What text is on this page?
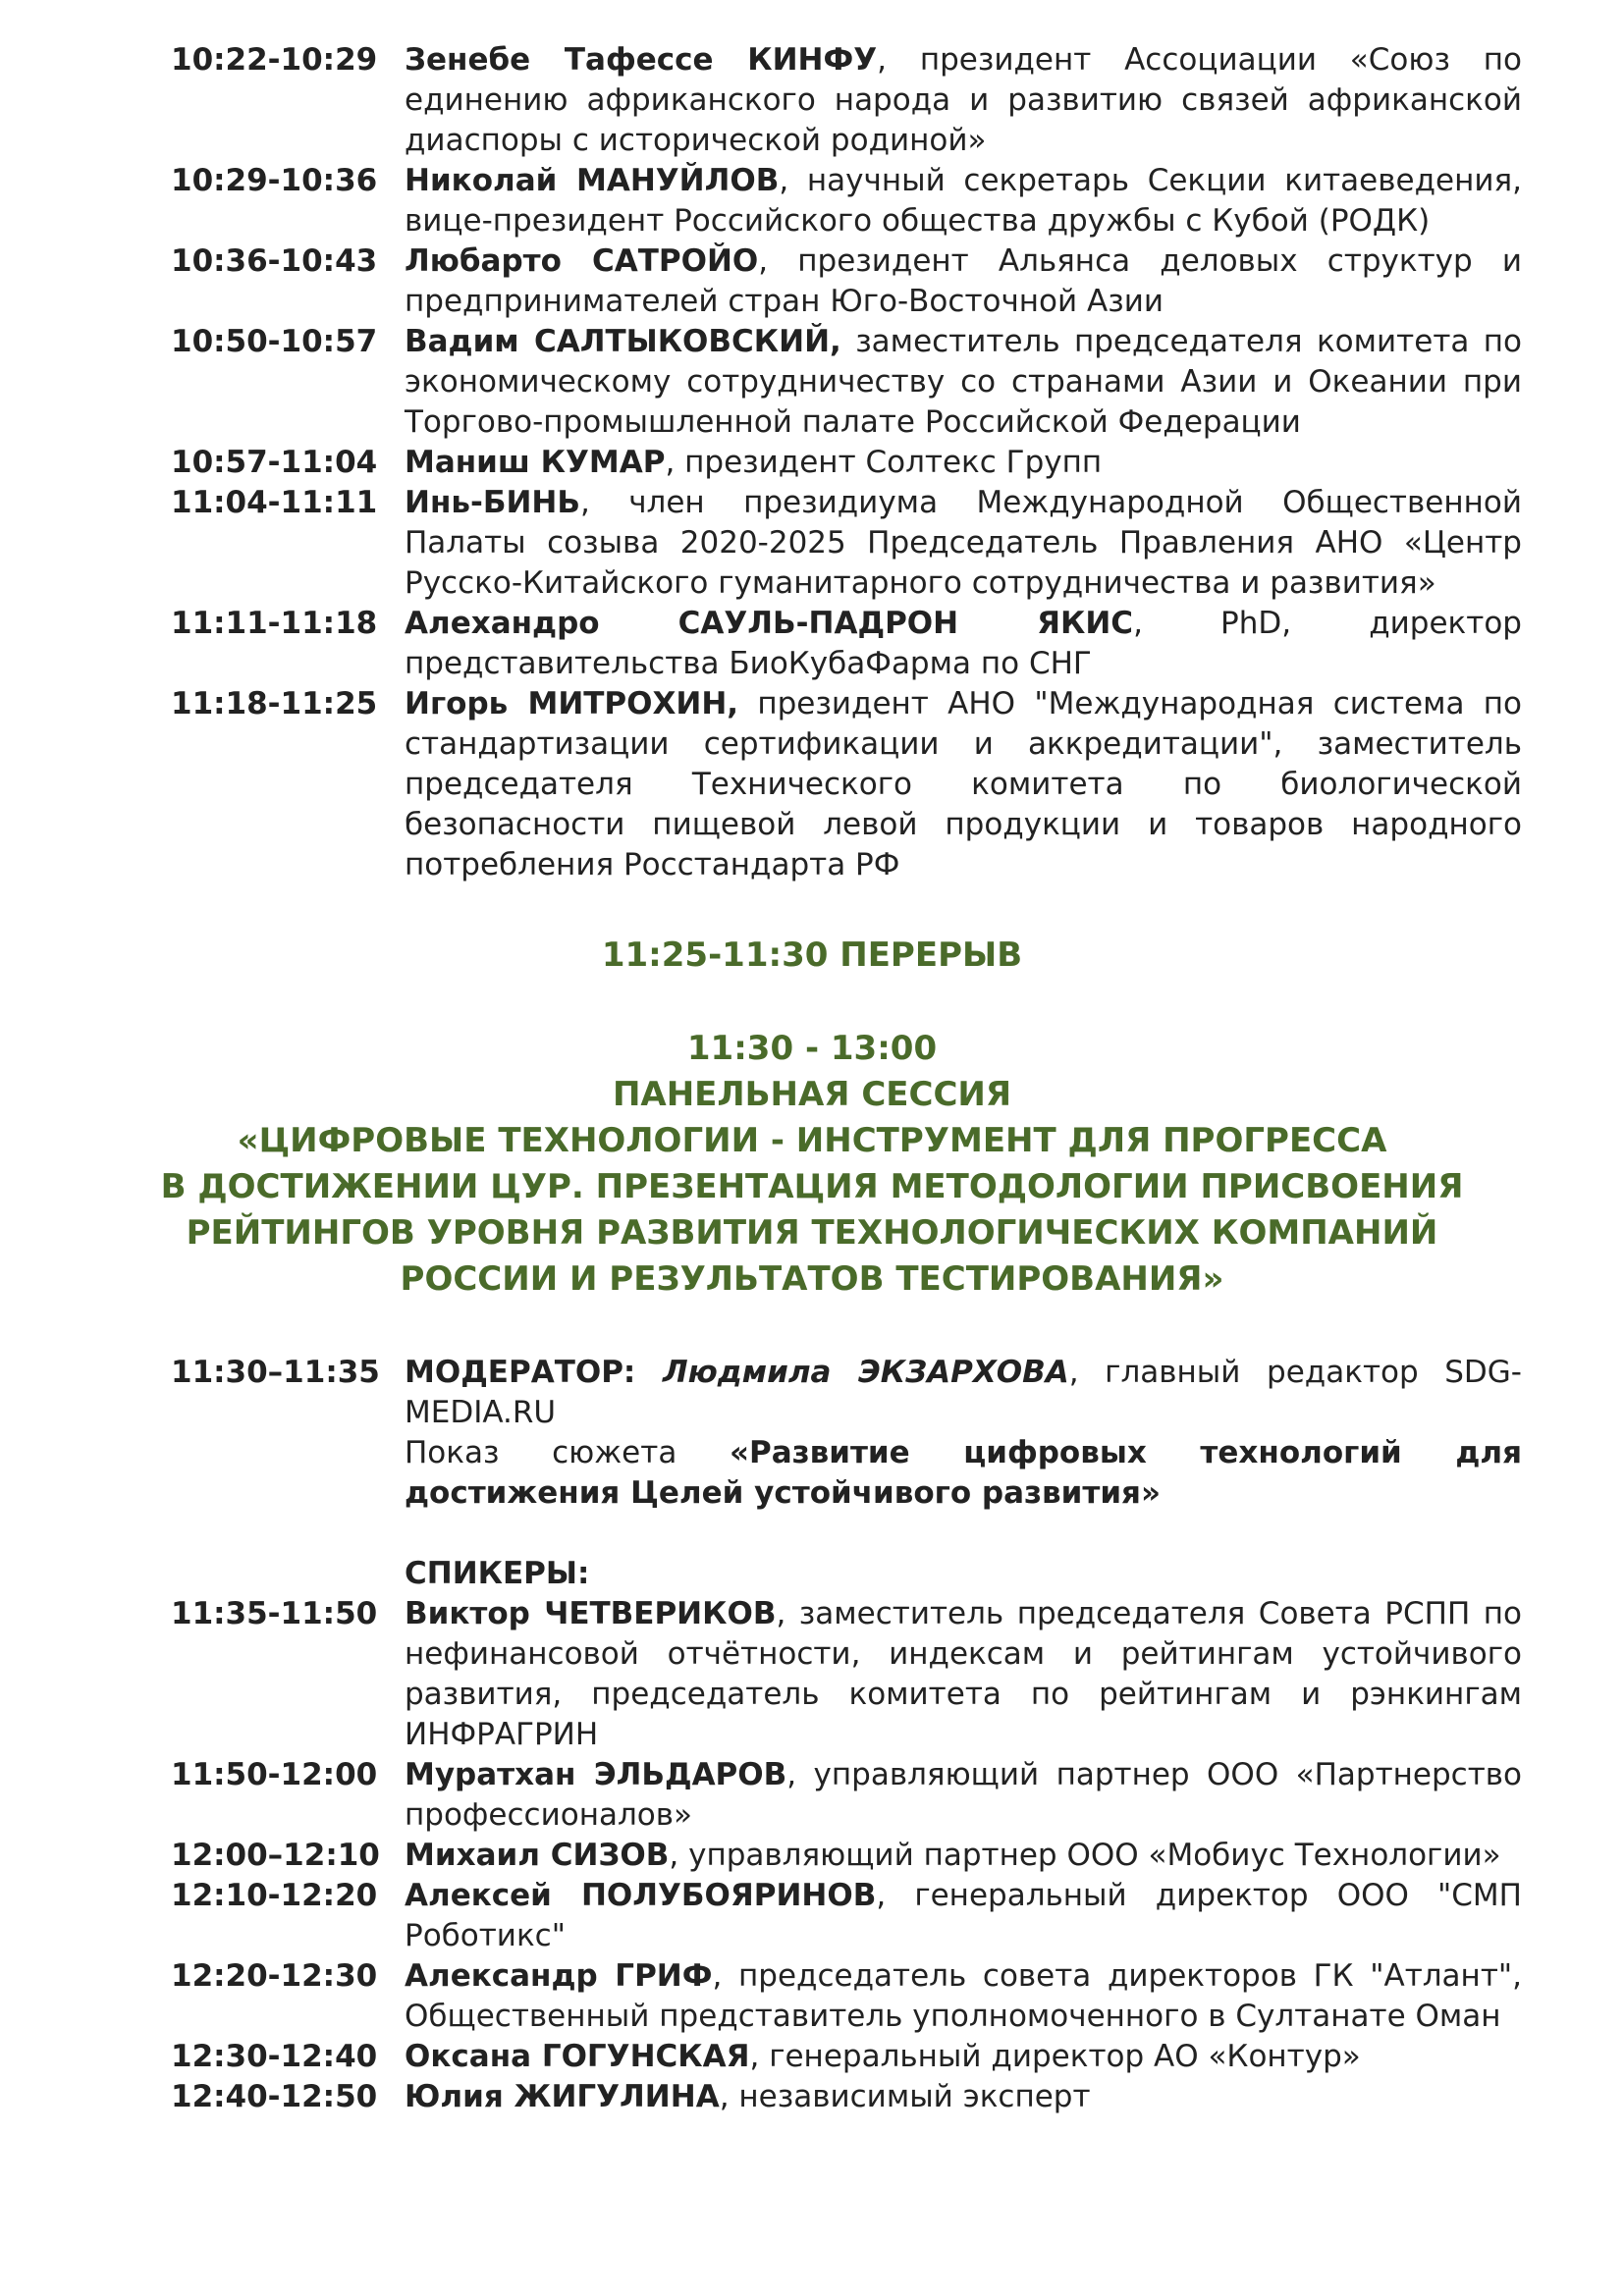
10:22-10:29 Зенебе Тафессе КИНФУ, президент Ассоциации «Союз по единению африканского народа и развитию связей африканской диаспоры с исторической родиной»
10:29-10:36 Николай МАНУЙЛОВ, научный секретарь Секции китаеведения, вице-президент Российского общества дружбы с Кубой (РОДК)
10:36-10:43 Любарто САТРОЙО, президент Альянса деловых структур и предпринимателей стран Юго-Восточной Азии
10:50-10:57 Вадим САЛТЫКОВСКИЙ, заместитель председателя комитета по экономическому сотрудничеству со странами Азии и Океании при Торгово-промышленной палате Российской Федерации
10:57-11:04 Маниш КУМАР, президент Солтекс Групп
11:04-11:11 Инь-БИНЬ, член президиума Международной Общественной Палаты созыва 2020-2025 Председатель Правления АНО «Центр Русско-Китайского гуманитарного сотрудничества и развития»
11:11-11:18 Алехандро САУЛЬ-ПАДРОН ЯКИС, PhD, директор представительства БиоКубаФарма по СНГ
11:18-11:25 Игорь МИТРОХИН, президент АНО "Международная система по стандартизации сертификации и аккредитации", заместитель председателя Технического комитета по биологической безопасности пищевой левой продукции и товаров народного потребления Росстандарта РФ
11:25-11:30 ПЕРЕРЫВ
11:30 - 13:00
ПАНЕЛЬНАЯ СЕССИЯ
«ЦИФРОВЫЕ ТЕХНОЛОГИИ - ИНСТРУМЕНТ ДЛЯ ПРОГРЕССА
В ДОСТИЖЕНИИ ЦУР. ПРЕЗЕНТАЦИЯ МЕТОДОЛОГИИ ПРИСВОЕНИЯ
РЕЙТИНГОВ УРОВНЯ РАЗВИТИЯ ТЕХНОЛОГИЧЕСКИХ КОМПАНИЙ
РОССИИ И РЕЗУЛЬТАТОВ ТЕСТИРОВАНИЯ»
11:30–11:35 МОДЕРАТОР: Людмила ЭКЗАРХОВА, главный редактор SDG-MEDIA.RU
Показ сюжета «Развитие цифровых технологий для достижения Целей устойчивого развития»
СПИКЕРЫ:
11:35-11:50 Виктор ЧЕТВЕРИКОВ, заместитель председателя Совета РСПП по нефинансовой отчётности, индексам и рейтингам устойчивого развития, председатель комитета по рейтингам и рэнкингам ИНФРАГРИН
11:50-12:00 Муратхан ЭЛЬДАРОВ, управляющий партнер ООО «Партнерство профессионалов»
12:00–12:10 Михаил СИЗОВ, управляющий партнер ООО «Мобиус Технологии»
12:10-12:20 Алексей ПОЛУБОЯРИНОВ, генеральный директор ООО "СМП Роботикс"
12:20-12:30 Александр ГРИФ, председатель совета директоров ГК "Атлант", Общественный представитель уполномоченного в Султанате Оман
12:30-12:40 Оксана ГОГУНСКАЯ, генеральный директор АО «Контур»
12:40-12:50 Юлия ЖИГУЛИНА, независимый эксперт
